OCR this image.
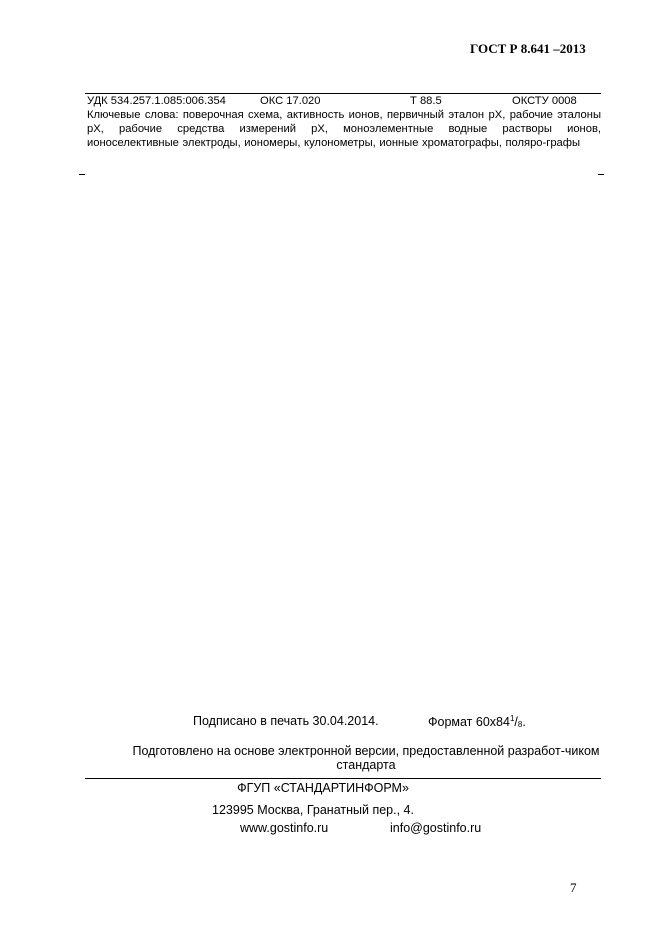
ГОСТ Р 8.641 –2013
УДК 534.257.1.085:006.354	ОКС 17.020	Т 88.5	ОКСТУ 0008
Ключевые слова: поверочная схема, активность ионов, первичный эталон рХ, рабочие эталоны рХ, рабочие средства измерений рХ, моноэлементные водные растворы ионов, ионоселективные электроды, иономеры, кулонометры, ионные хроматографы, поляро-графы
Подписано в печать 30.04.2014.	Формат $60х84^1/_8$.
Подготовлено на основе электронной версии, предоставленной разработ-чиком стандарта
ФГУП «СТАНДАРТИНФОРМ»
123995 Москва, Гранатный пер., 4.
www.gostinfo.ru	info@gostinfo.ru
7
